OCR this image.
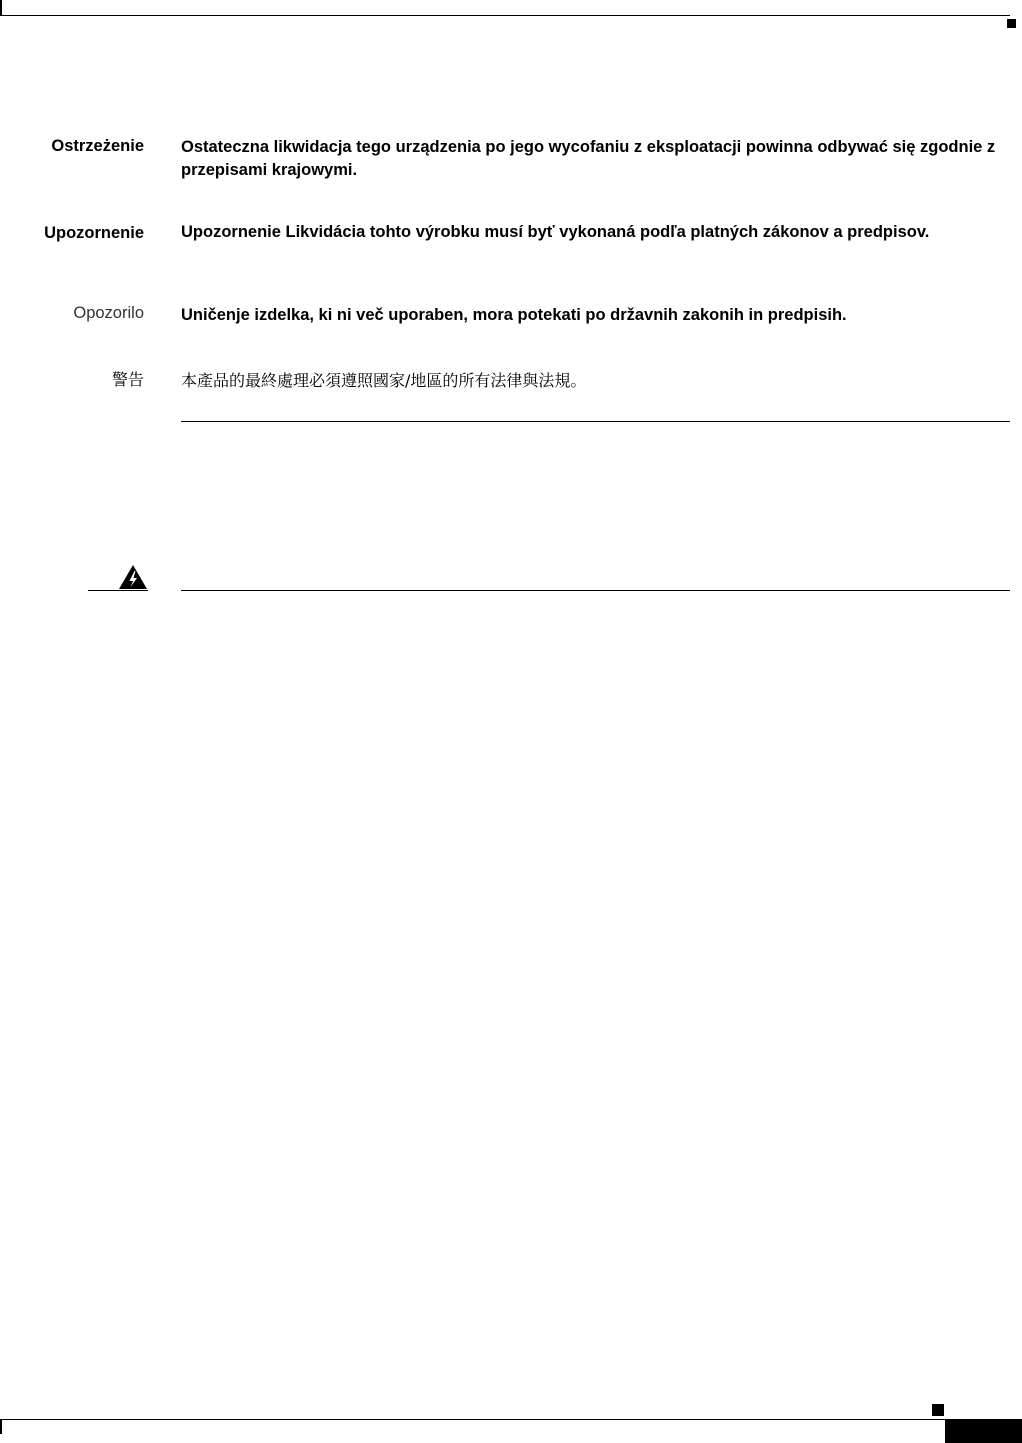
Ostrzeżenie Ostateczna likwidacja tego urządzenia po jego wycofaniu z eksploatacji powinna odbywać się zgodnie z przepisami krajowymi.
Upozornenie Upozornenie Likvidácia tohto výrobku musí byť vykonaná podľa platných zákonov a predpisov.
Opozorilo Uničenje izdelka, ki ni več uporaben, mora potekati po državnih zakonih in predpisih.
警告 本產品的最終處理必須遵照國家/地區的所有法律與法規。
